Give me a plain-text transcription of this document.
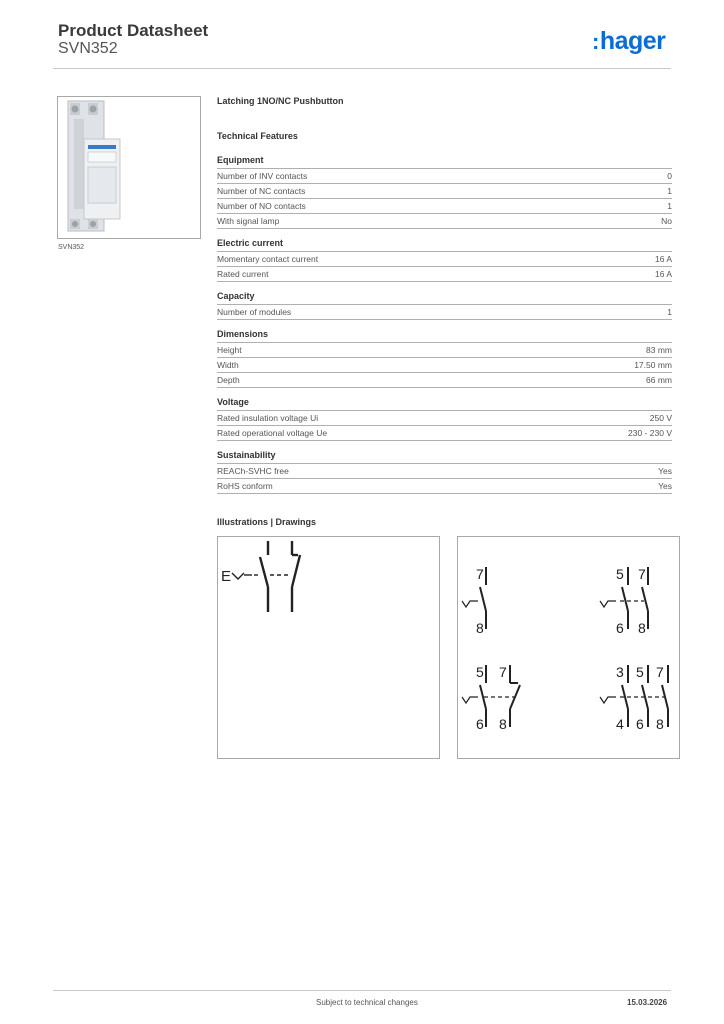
Product Datasheet
SVN352	:hager
SVN352
Latching 1NO/NC Pushbutton
Technical Features
Equipment
Number of INV contacts	0
Number of NC contacts	1
Number of NO contacts	1
With signal lamp	No
Electric current
Momentary contact current	16 A
Rated current	16 A
Capacity
Number of modules	1
Dimensions
Height	83 mm
Width	17.50 mm
Depth	66 mm
Voltage
Rated insulation voltage Ui	250 V
Rated operational voltage Ue	230 - 230 V
Sustainability
REACh-SVHC free	Yes
RoHS conform	Yes
Illustrations | Drawings
E	7
8
5 7
6 8
5 7
6 8
3 5 7
4 6 8
Subject to technical changes	15.03.2026
